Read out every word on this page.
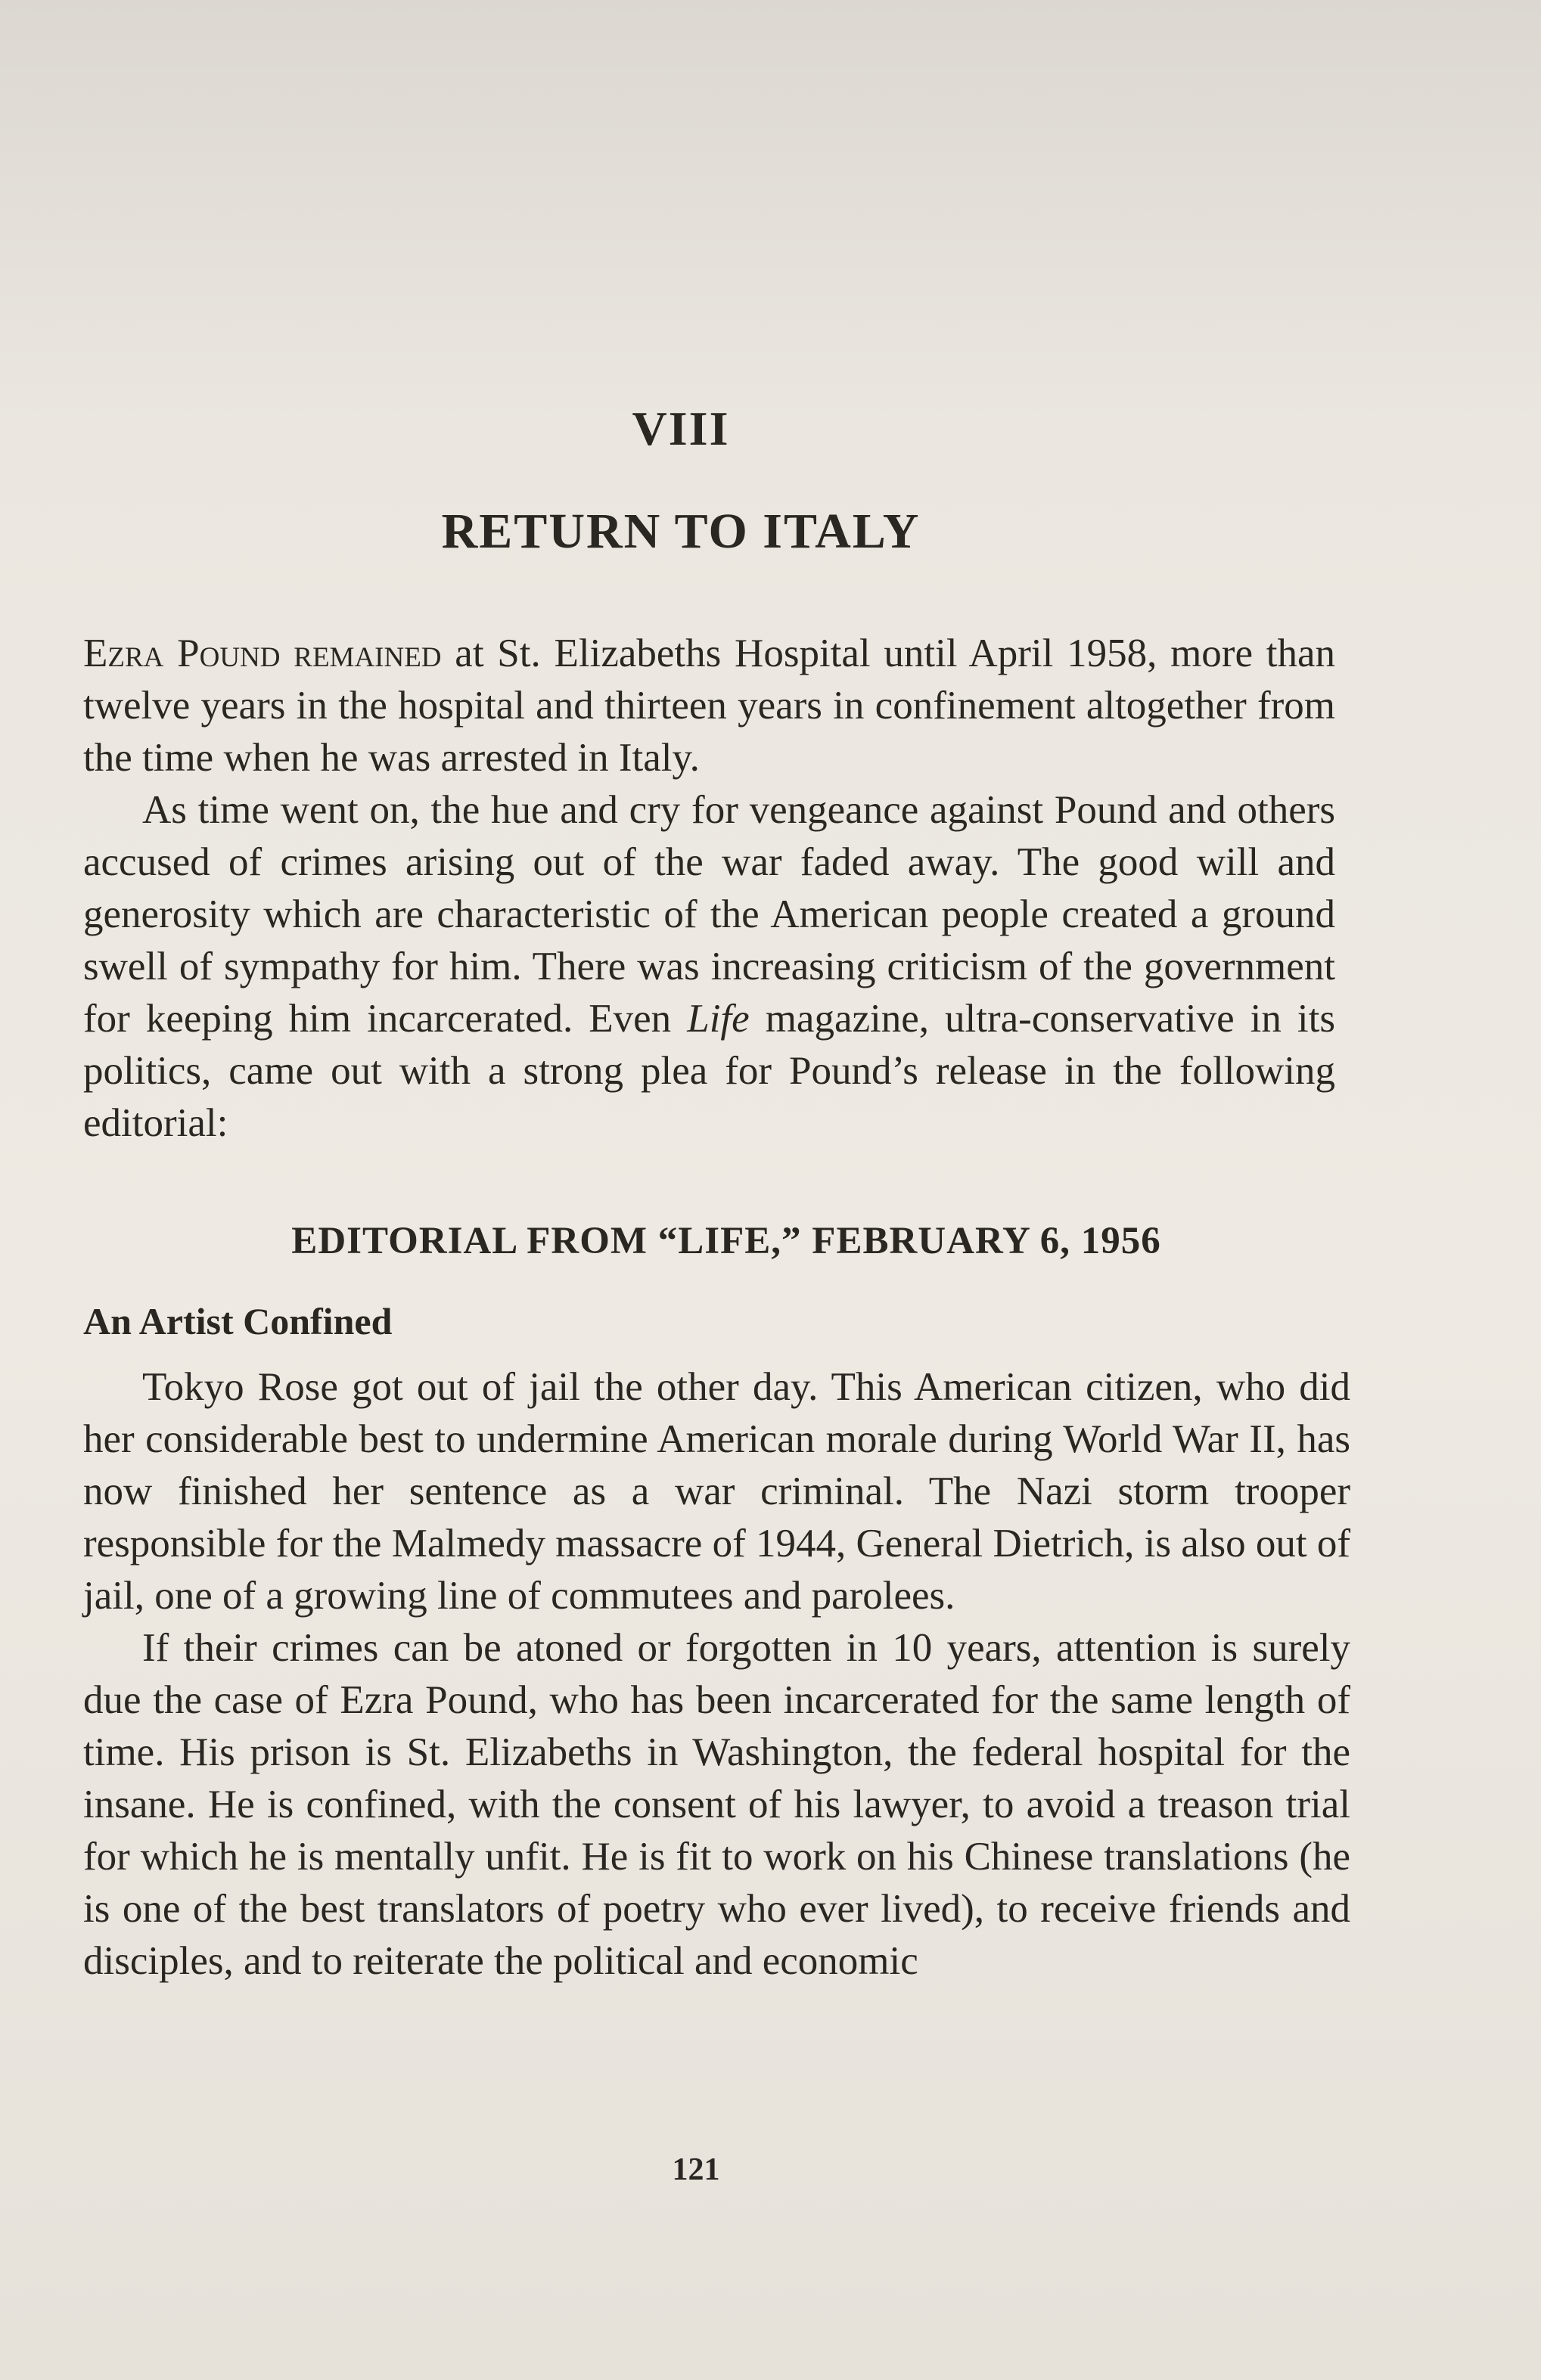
VIII
RETURN TO ITALY

Ezra Pound remained at St. Elizabeths Hospital until April 1958, more than twelve years in the hospital and thirteen years in confinement altogether from the time when he was arrested in Italy.

As time went on, the hue and cry for vengeance against Pound and others accused of crimes arising out of the war faded away. The good will and generosity which are characteristic of the American people created a ground swell of sympathy for him. There was increasing criticism of the government for keeping him incarcerated. Even Life magazine, ultra-conservative in its politics, came out with a strong plea for Pound’s release in the following editorial:

EDITORIAL FROM “LIFE,” FEBRUARY 6, 1956
An Artist Confined

Tokyo Rose got out of jail the other day. This American citizen, who did her considerable best to undermine American morale during World War II, has now finished her sentence as a war criminal. The Nazi storm trooper responsible for the Malmedy massacre of 1944, General Dietrich, is also out of jail, one of a growing line of commutees and parolees.

If their crimes can be atoned or forgotten in 10 years, attention is surely due the case of Ezra Pound, who has been incarcerated for the same length of time. His prison is St. Elizabeths in Washington, the federal hospital for the insane. He is confined, with the consent of his lawyer, to avoid a treason trial for which he is mentally unfit. He is fit to work on his Chinese translations (he is one of the best translators of poetry who ever lived), to receive friends and disciples, and to reiterate the political and economic

121
